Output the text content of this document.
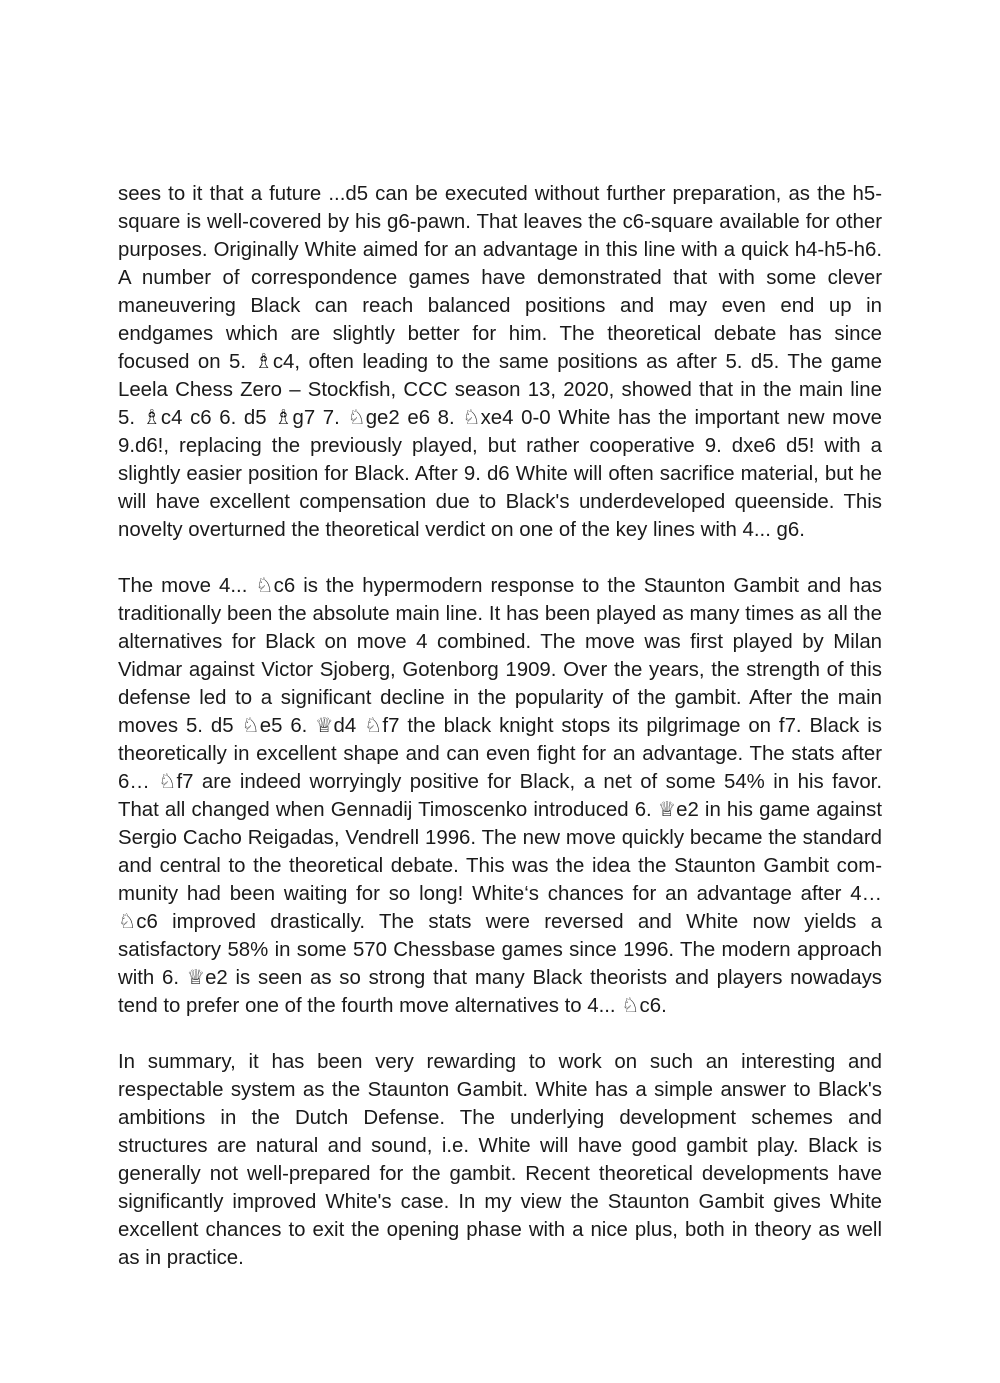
sees to it that a future ...d5 can be executed without further preparation, as the h5-square is well-covered by his g6-pawn. That leaves the c6-square available for other purposes. Originally White aimed for an advantage in this line with a quick h4-h5-h6. A number of correspondence games have demonstrated that with some clever maneuvering Black can reach balanced positions and may even end up in endgames which are slightly better for him. The theoretical debate has since focused on 5. ♗c4, often leading to the same positions as after 5. d5. The game Leela Chess Zero – Stockfish, CCC season 13, 2020, showed that in the main line 5. ♗c4 c6 6. d5 ♗g7 7. ♘ge2 e6 8. ♘xe4 0-0 White has the important new move 9.d6!, replacing the previously played, but rather cooperative 9. dxe6 d5! with a slightly easier position for Black. After 9. d6 White will often sacrifice material, but he will have excellent compensation due to Black's underdeveloped queenside. This novelty overturned the theoretical verdict on one of the key lines with 4... g6.

The move 4... ♘c6 is the hypermodern response to the Staunton Gambit and has traditionally been the absolute main line. It has been played as many times as all the alternatives for Black on move 4 combined. The move was first played by Milan Vidmar against Victor Sjoberg, Gotenborg 1909. Over the years, the strength of this defense led to a significant decline in the popularity of the gambit. After the main moves 5. d5 ♘e5 6. ♕d4 ♘f7 the black knight stops its pilgrimage on f7. Black is theoretically in excellent shape and can even fight for an advantage. The stats after 6… ♘f7 are indeed worryingly positive for Black, a net of some 54% in his favor. That all changed when Gennadij Timoscenko introduced 6. ♕e2 in his game against Sergio Cacho Reigadas, Vendrell 1996. The new move quickly became the standard and central to the theoretical debate. This was the idea the Staunton Gambit community had been waiting for so long! White‘s chances for an advantage after 4… ♘c6 improved drastically. The stats were reversed and White now yields a satisfactory 58% in some 570 Chessbase games since 1996. The modern approach with 6. ♕e2 is seen as so strong that many Black theorists and players nowadays tend to prefer one of the fourth move alternatives to 4... ♘c6.

In summary, it has been very rewarding to work on such an interesting and respectable system as the Staunton Gambit. White has a simple answer to Black's ambitions in the Dutch Defense. The underlying development schemes and structures are natural and sound, i.e. White will have good gambit play. Black is generally not well-prepared for the gambit. Recent theoretical developments have significantly improved White's case. In my view the Staunton Gambit gives White excellent chances to exit the opening phase with a nice plus, both in theory as well as in practice.
